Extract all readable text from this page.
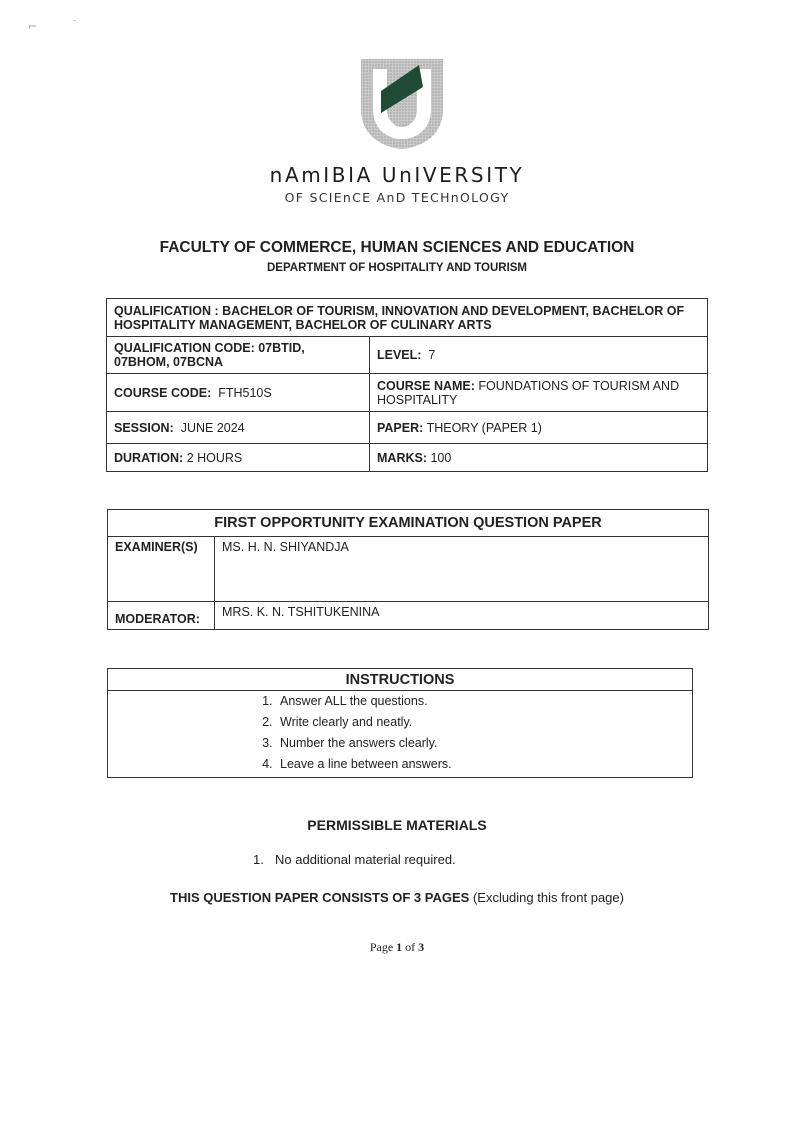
⌐	˙
nAmIBIA UnIVERSITY
OF SCIEnCE AnD TECHnOLOGY
FACULTY OF COMMERCE, HUMAN SCIENCES AND EDUCATION
DEPARTMENT OF HOSPITALITY AND TOURISM
QUALIFICATION : BACHELOR OF TOURISM, INNOVATION AND DEVELOPMENT, BACHELOR OF HOSPITALITY MANAGEMENT, BACHELOR OF CULINARY ARTS	
QUALIFICATION CODE: 07BTID, 07BHOM, 07BCNA	LEVEL: 7
COURSE CODE: FTH510S	COURSE NAME: FOUNDATIONS OF TOURISM AND HOSPITALITY
SESSION: JUNE 2024	PAPER: THEORY (PAPER 1)
DURATION: 2 HOURS	MARKS: 100
FIRST OPPORTUNITY EXAMINATION QUESTION PAPER	
EXAMINER(S)	MS. H. N. SHIYANDJA
MODERATOR:	MRS. K. N. TSHITUKENINA
INSTRUCTIONS

1. Answer ALL the questions.
2. Write clearly and neatly.
3. Number the answers clearly.
4. Leave a line between answers.
PERMISSIBLE MATERIALS
1. No additional material required.
THIS QUESTION PAPER CONSISTS OF 3 PAGES (Excluding this front page)
Page 1 of 3
